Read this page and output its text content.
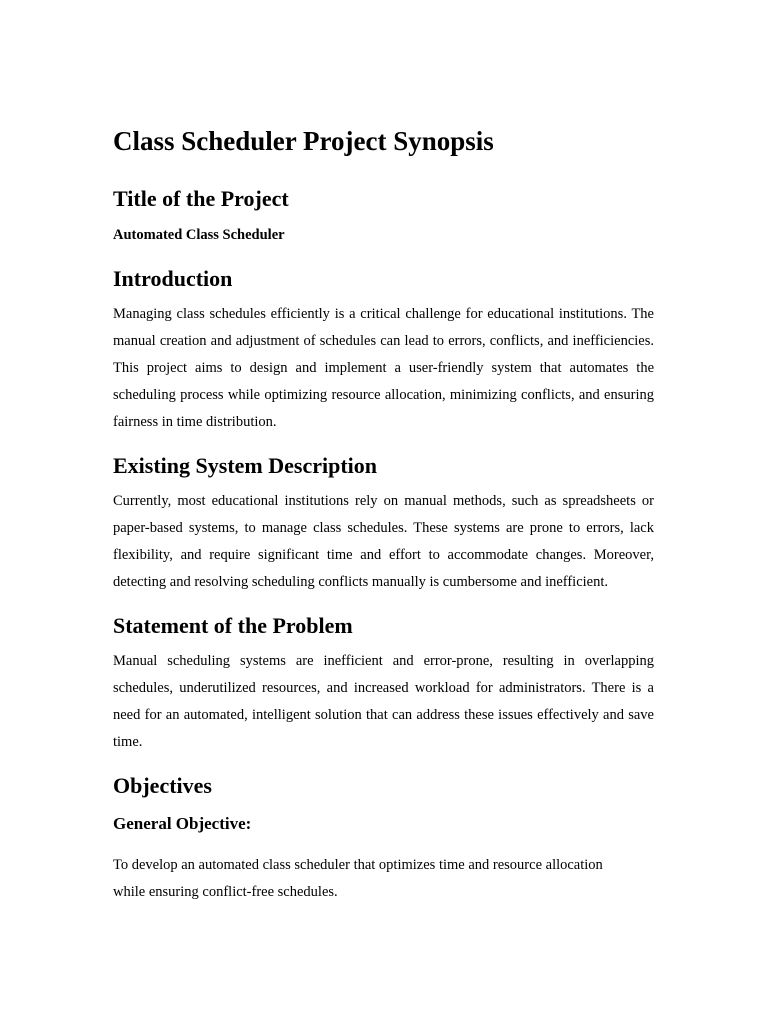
Class Scheduler Project Synopsis
Title of the Project
Automated Class Scheduler
Introduction

Managing class schedules efficiently is a critical challenge for educational institutions. The manual creation and adjustment of schedules can lead to errors, conflicts, and inefficiencies. This project aims to design and implement a user-friendly system that automates the scheduling process while optimizing resource allocation, minimizing conflicts, and ensuring fairness in time distribution.

Existing System Description

Currently, most educational institutions rely on manual methods, such as spreadsheets or paper-based systems, to manage class schedules. These systems are prone to errors, lack flexibility, and require significant time and effort to accommodate changes. Moreover, detecting and resolving scheduling conflicts manually is cumbersome and inefficient.

Statement of the Problem

Manual scheduling systems are inefficient and error-prone, resulting in overlapping schedules, underutilized resources, and increased workload for administrators. There is a need for an automated, intelligent solution that can address these issues effectively and save time.

Objectives
General Objective:

To develop an automated class scheduler that optimizes time and resource allocation while ensuring conflict-free schedules.
